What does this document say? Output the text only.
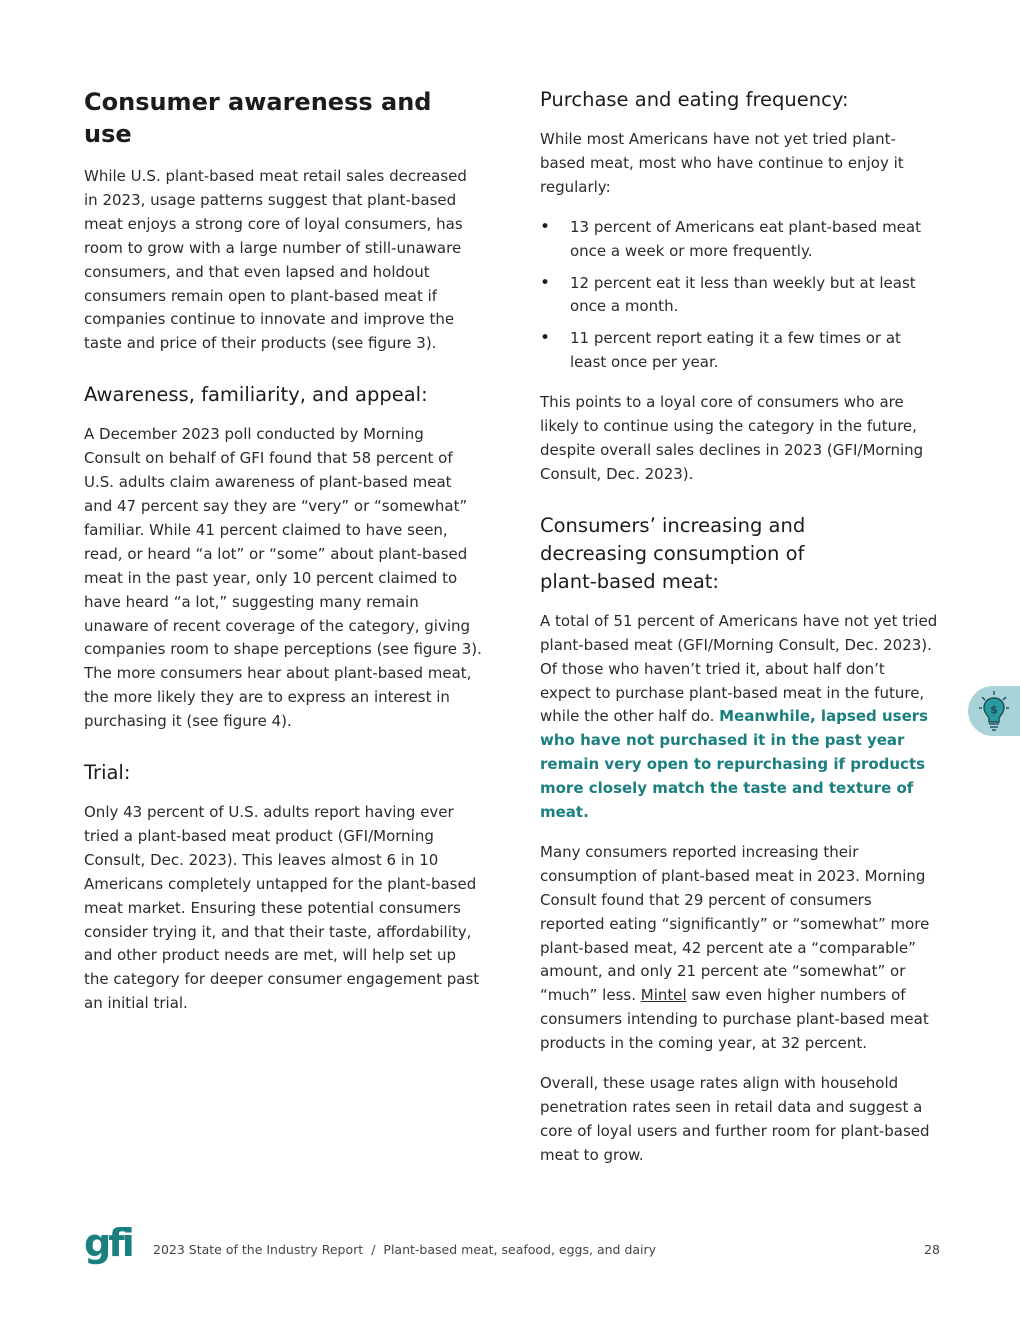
Consumer awareness and use

While U.S. plant-based meat retail sales decreased in 2023, usage patterns suggest that plant-based meat enjoys a strong core of loyal consumers, has room to grow with a large number of still-unaware consumers, and that even lapsed and holdout consumers remain open to plant-based meat if companies continue to innovate and improve the taste and price of their products (see figure 3).

Awareness, familiarity, and appeal:

A December 2023 poll conducted by Morning Consult on behalf of GFI found that 58 percent of U.S. adults claim awareness of plant-based meat and 47 percent say they are “very” or “somewhat” familiar. While 41 percent claimed to have seen, read, or heard “a lot” or “some” about plant-based meat in the past year, only 10 percent claimed to have heard “a lot,” suggesting many remain unaware of recent coverage of the category, giving companies room to shape perceptions (see figure 3). The more consumers hear about plant-based meat, the more likely they are to express an interest in purchasing it (see figure 4).

Trial:

Only 43 percent of U.S. adults report having ever tried a plant-based meat product (GFI/Morning Consult, Dec. 2023). This leaves almost 6 in 10 Americans completely untapped for the plant-based meat market. Ensuring these potential consumers consider trying it, and that their taste, affordability, and other product needs are met, will help set up the category for deeper consumer engagement past an initial trial.

Purchase and eating frequency:

While most Americans have not yet tried plant-based meat, most who have continue to enjoy it regularly:

• 13 percent of Americans eat plant-based meat once a week or more frequently.
• 12 percent eat it less than weekly but at least once a month.
• 11 percent report eating it a few times or at least once per year.

This points to a loyal core of consumers who are likely to continue using the category in the future, despite overall sales declines in 2023 (GFI/Morning Consult, Dec. 2023).

Consumers’ increasing and
decreasing consumption of
plant-based meat:

A total of 51 percent of Americans have not yet tried plant-based meat (GFI/Morning Consult, Dec. 2023). Of those who haven’t tried it, about half don’t expect to purchase plant-based meat in the future, while the other half do. Meanwhile, lapsed users who have not purchased it in the past year remain very open to repurchasing if products more closely match the taste and texture of meat.

Many consumers reported increasing their consumption of plant-based meat in 2023. Morning Consult found that 29 percent of consumers reported eating “significantly” or “somewhat” more plant-based meat, 42 percent ate a “comparable” amount, and only 21 percent ate “somewhat” or “much” less. Mintel saw even higher numbers of consumers intending to purchase plant-based meat products in the coming year, at 32 percent.

Overall, these usage rates align with household penetration rates seen in retail data and suggest a core of loyal users and further room for plant-based meat to grow.

$
gfi 2023 State of the Industry Report / Plant-based meat, seafood, eggs, and dairy	28
